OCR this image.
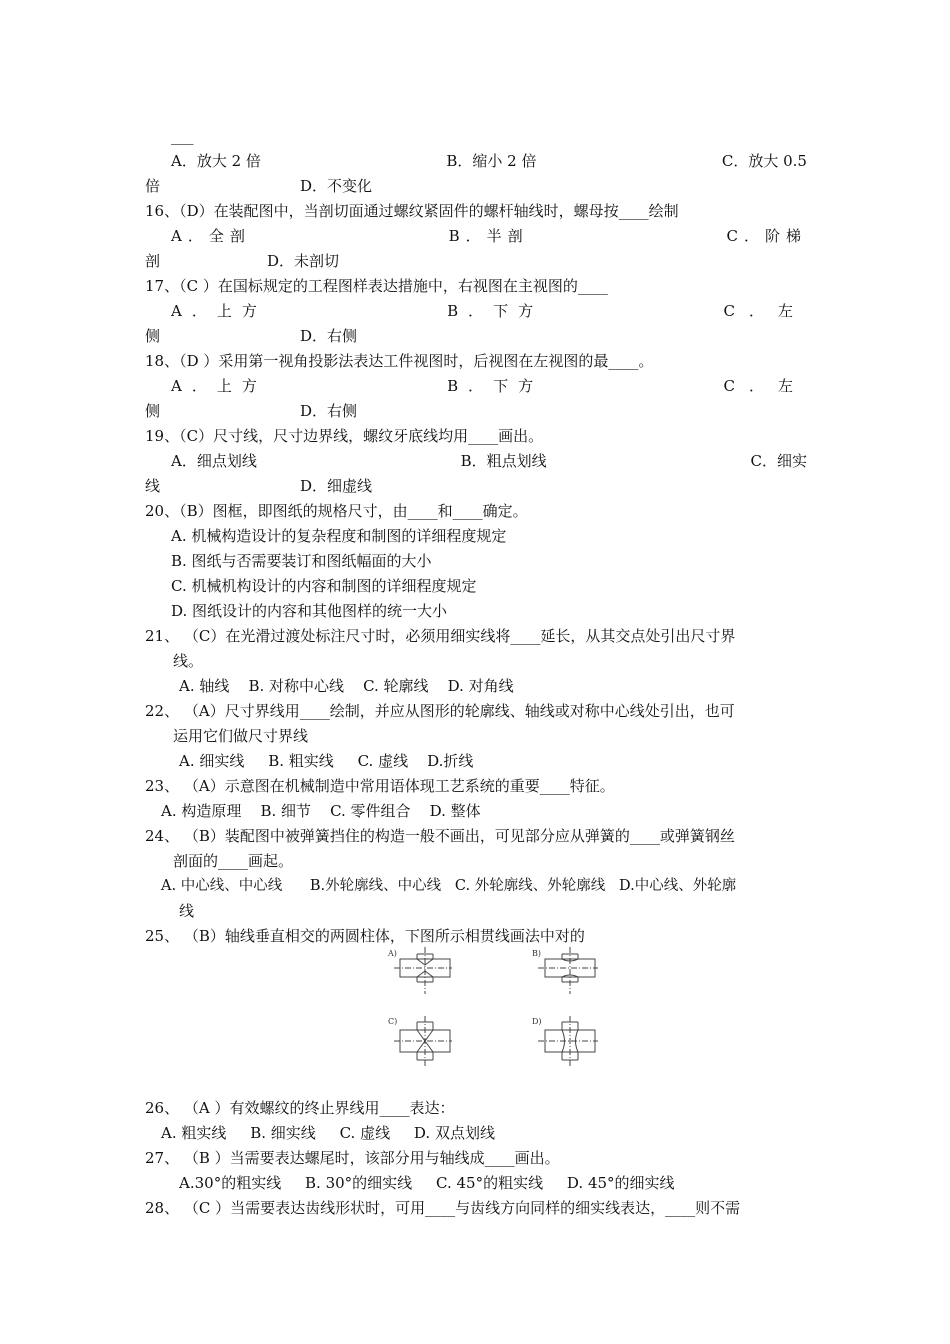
___
A．放大 2 倍	B．缩小 2 倍	C．放大 0.5
倍	D．不变化
16、（D）在装配图中，当剖切面通过螺纹紧固件的螺杆轴线时，螺母按____绘制
A．全剖	B．半剖	C．阶梯
剖	D．未剖切
17、（C ）在国标规定的工程图样表达措施中，右视图在主视图的____
A．上方	B．下方	C．左
侧	D．右侧
18、（D ）采用第一视角投影法表达工件视图时，后视图在左视图的最____。
A．上方	B．下方	C．左
侧	D．右侧
19、（C）尺寸线，尺寸边界线，螺纹牙底线均用____画出。
A．细点划线	B．粗点划线	C．细实
线	D．细虚线
20、（B）图框，即图纸的规格尺寸，由____和____确定。
A. 机械构造设计的复杂程度和制图的详细程度规定
B. 图纸与否需要装订和图纸幅面的大小
C. 机械机构设计的内容和制图的详细程度规定
D. 图纸设计的内容和其他图样的统一大小
21、 （C）在光滑过渡处标注尺寸时，必须用细实线将____延长，从其交点处引出尺寸界
线。
A. 轴线    B. 对称中心线    C. 轮廓线    D. 对角线
22、 （A）尺寸界线用____绘制，并应从图形的轮廓线、轴线或对称中心线处引出，也可
运用它们做尺寸界线
A. 细实线     B. 粗实线     C. 虚线    D.折线
23、 （A）示意图在机械制造中常用语体现工艺系统的重要____特征。
A. 构造原理    B. 细节    C. 零件组合    D. 整体
24、 （B）装配图中被弹簧挡住的构造一般不画出，可见部分应从弹簧的____或弹簧钢丝
剖面的____画起。
A. 中心线、中心线      B.外轮廓线、中心线   C. 外轮廓线、外轮廓线   D.中心线、外轮廓
线
25、 （B）轴线垂直相交的两圆柱体，下图所示相贯线画法中对的
A)	B)
C)	D)
26、 （A ）有效螺纹的终止界线用____表达：
A. 粗实线     B. 细实线     C. 虚线     D. 双点划线
27、 （B ）当需要表达螺尾时，该部分用与轴线成____画出。
A.30°的粗实线     B. 30°的细实线     C. 45°的粗实线     D. 45°的细实线
28、 （C ）当需要表达齿线形状时，可用____与齿线方向同样的细实线表达，____则不需
